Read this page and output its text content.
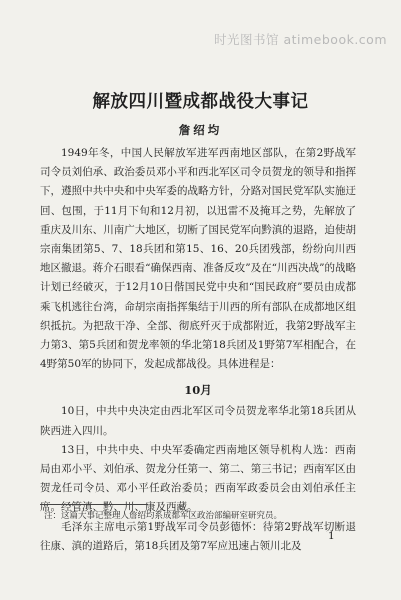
时光图书馆 atimebook.com
解放四川暨成都战役大事记
詹绍均

1949年冬，中国人民解放军进军西南地区部队，在第2野战军司令员刘伯承、政治委员邓小平和西北军区司令员贺龙的领导和指挥下，遵照中共中央和中央军委的战略方针，分路对国民党军队实施迂回、包围，于11月下旬和12月初，以迅雷不及掩耳之势，先解放了重庆及川东、川南广大地区，切断了国民党军向黔滇的退路，迫使胡宗南集团第5、7、18兵团和第15、16、20兵团残部，纷纷向川西地区撤退。蒋介石眼看“确保西南、准备反攻”及在“川西决战”的战略计划已经破灭，于12月10日偕国民党中央和“国民政府”要员由成都乘飞机逃往台湾，命胡宗南指挥集结于川西的所有部队在成都地区组织抵抗。为把敌干净、全部、彻底歼灭于成都附近，我第2野战军主力第3、第5兵团和贺龙率领的华北第18兵团及1野第7军相配合，在4野第50军的协同下，发起成都战役。具体进程是：

10月

10日，中共中央决定由西北军区司令员贺龙率华北第18兵团从陕西进入四川。

13日，中共中央、中央军委确定西南地区领导机构人选：西南局由邓小平、刘伯承、贺龙分任第一、第二、第三书记；西南军区由贺龙任司令员、邓小平任政治委员；西南军政委员会由刘伯承任主席。经管滇、黔、川、康及西藏。

毛泽东主席电示第1野战军司令员彭德怀：待第2野战军切断退往康、滇的道路后，第18兵团及第7军应迅速占领川北及

注：这篇大事记整理人詹绍均系成都军区政治部编研室研究员。
1
